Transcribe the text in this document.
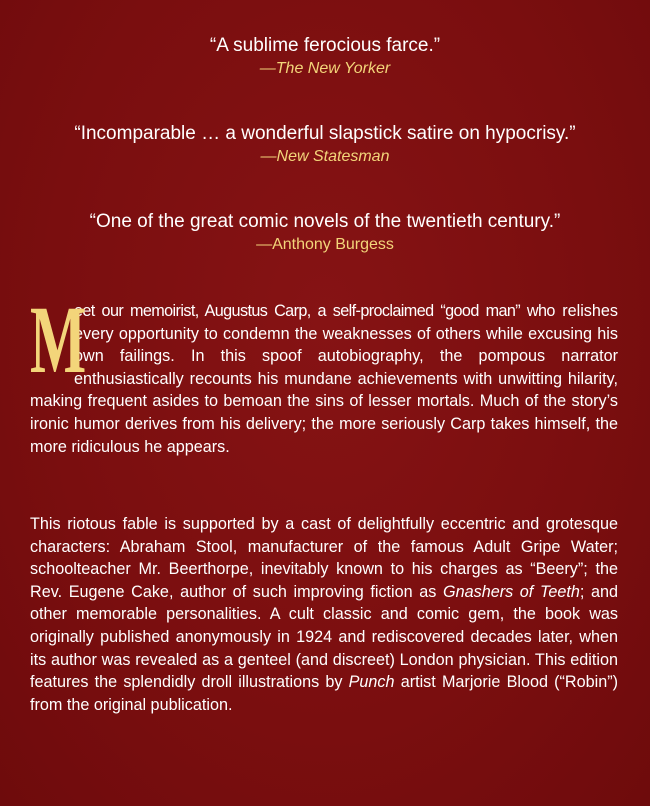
“A sublime ferocious farce.”
—The New Yorker
“Incomparable … a wonderful slapstick satire on hypocrisy.”
—New Statesman
“One of the great comic novels of the twentieth century.”
—Anthony Burgess
M
eet our memoirist, Augustus Carp, a self-proclaimed “good man” who relishes every opportunity to condemn the weaknesses of others while excusing his own failings. In this spoof autobiography, the pompous narrator enthusiastically recounts his mundane achievements with unwitting hilarity, making frequent asides to bemoan the sins of lesser mortals. Much of the story’s ironic humor derives from his delivery; the more seriously Carp takes himself, the more ridiculous he appears.
This riotous fable is supported by a cast of delightfully eccentric and grotesque characters: Abraham Stool, manufacturer of the famous Adult Gripe Water; schoolteacher Mr. Beerthorpe, inevitably known to his charges as “Beery”; the Rev. Eugene Cake, author of such improving fiction as Gnashers of Teeth; and other memorable personalities. A cult classic and comic gem, the book was originally published anonymously in 1924 and rediscovered decades later, when its author was revealed as a genteel (and discreet) London physician. This edition features the splendidly droll illustrations by Punch artist Marjorie Blood (“Robin”) from the original publication.
